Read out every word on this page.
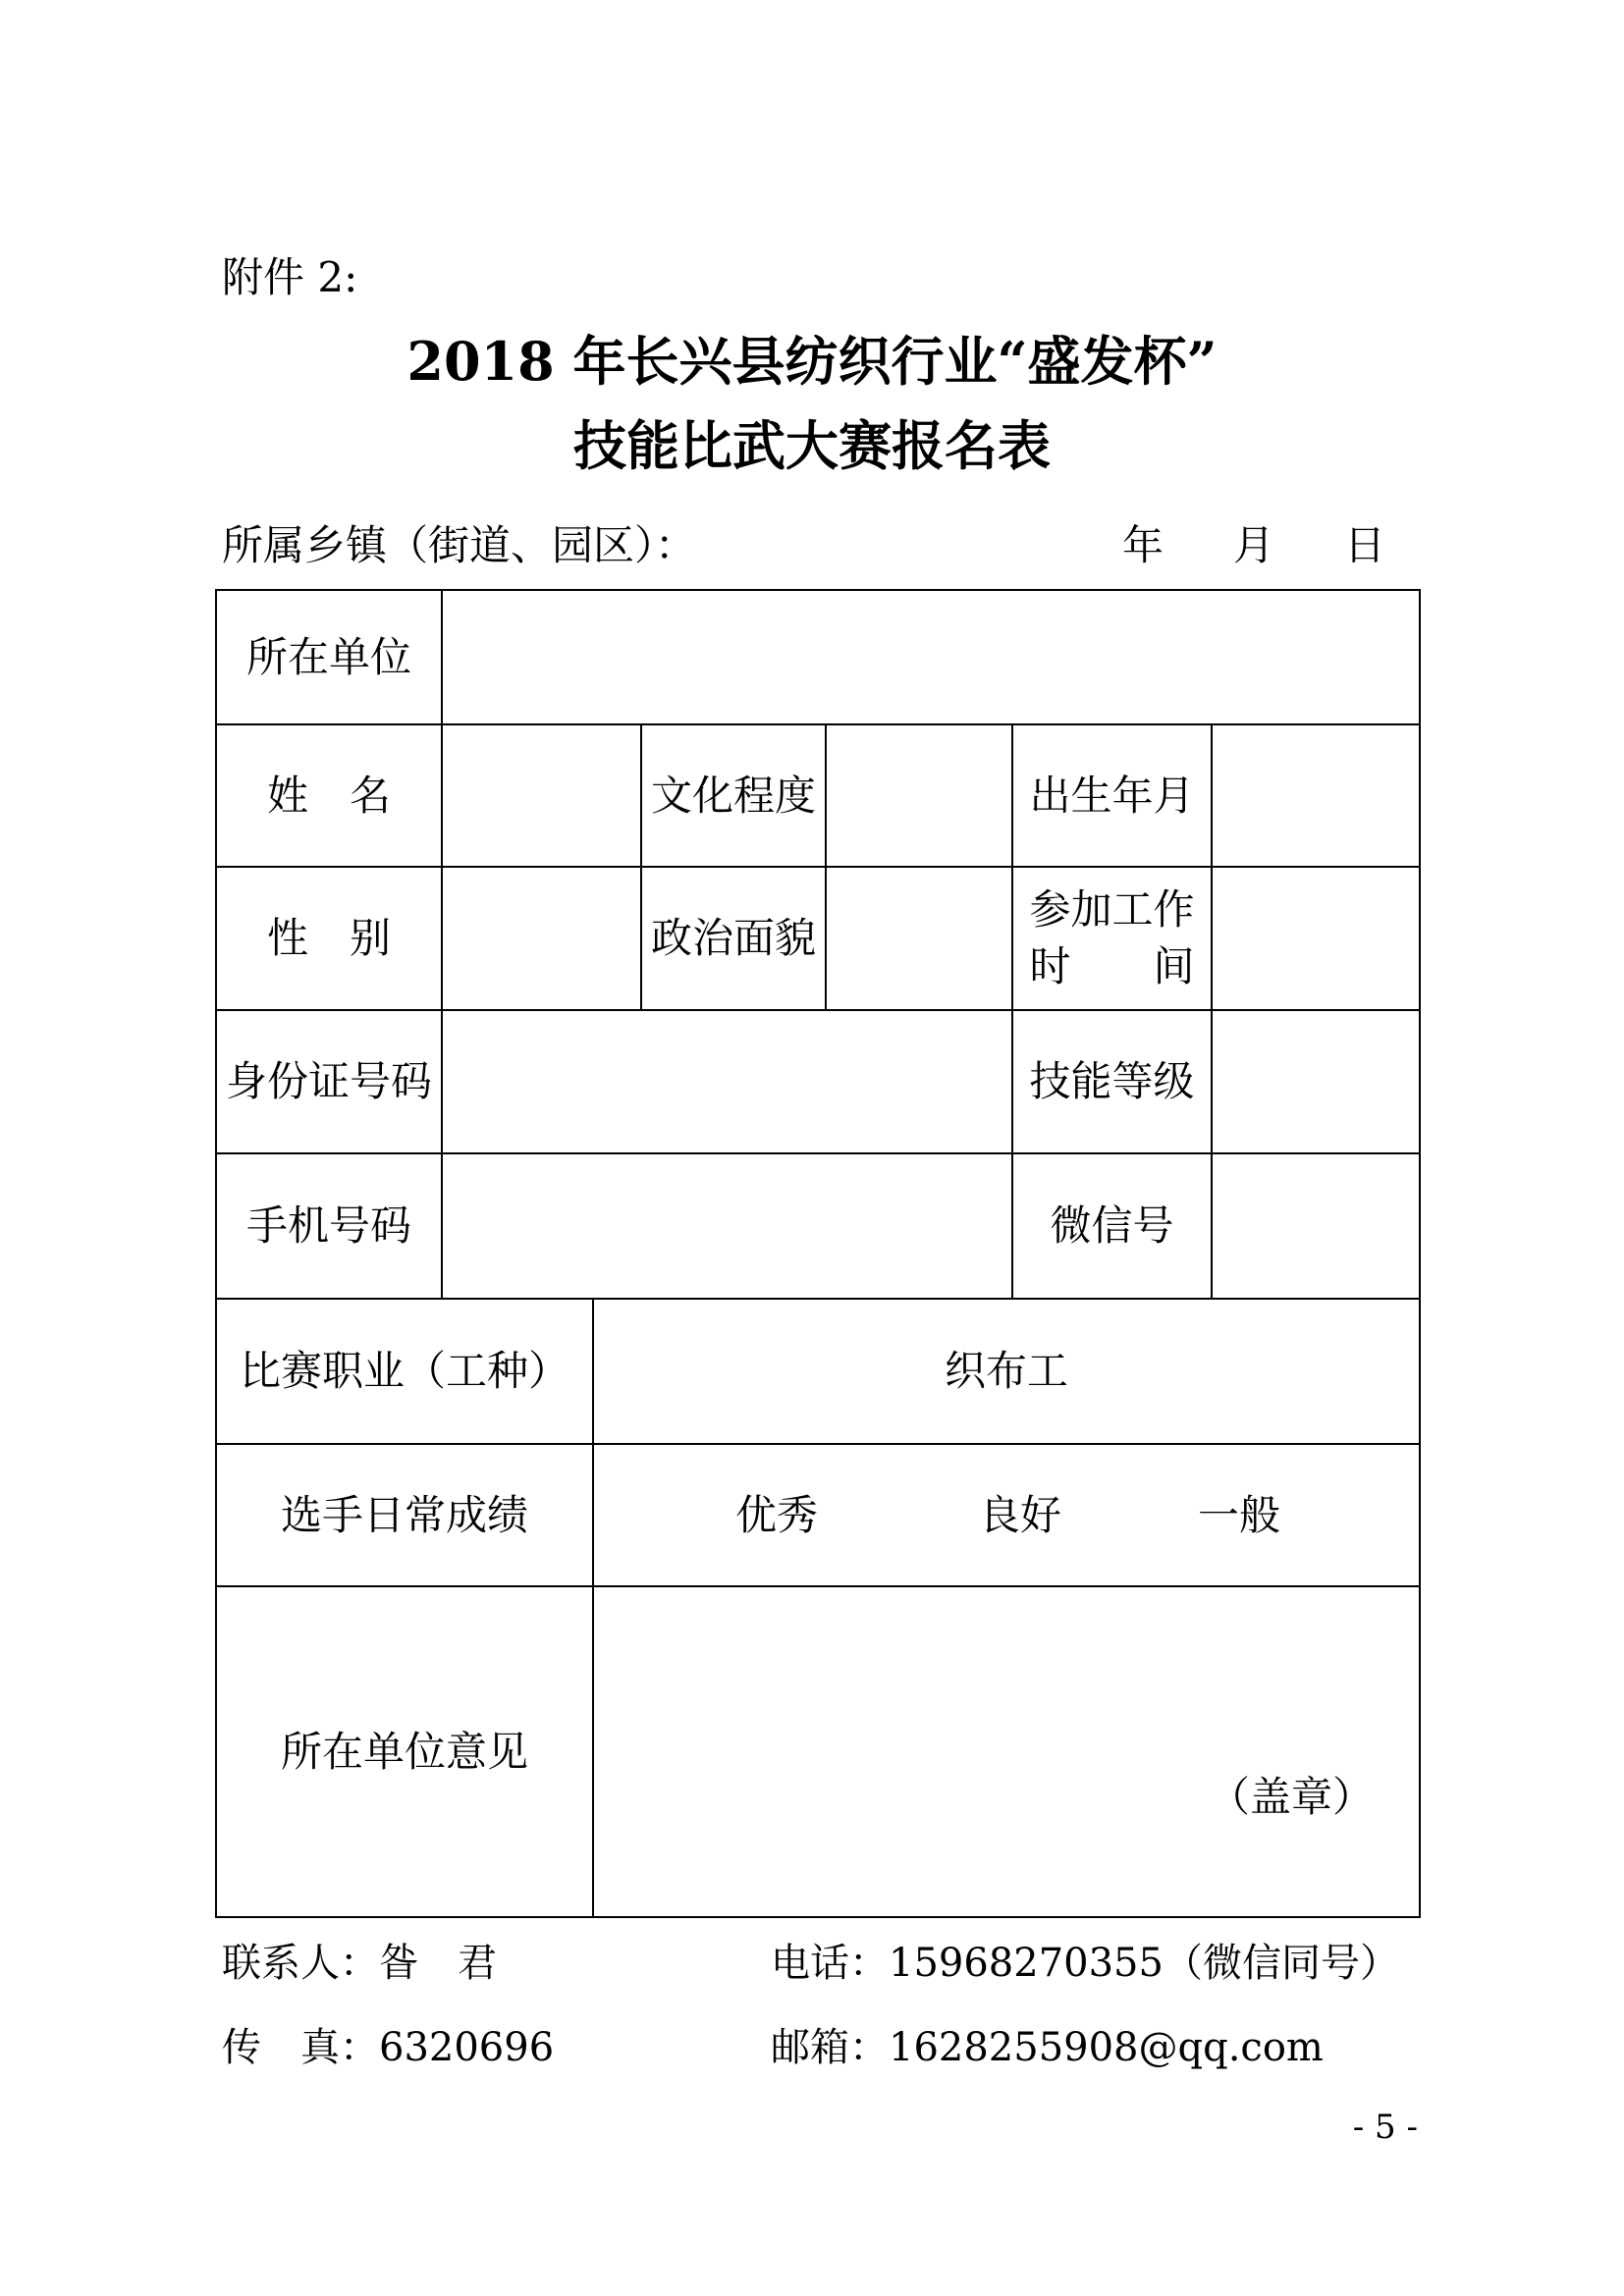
附件 2:
2018 年长兴县纺织行业“盛发杯”
技能比武大赛报名表
所属乡镇（街道、园区）：	年 月 日
所在单位
姓　名	文化程度	出生年月
性　别	政治面貌
参加工作
时　　间
身份证号码	技能等级
手机号码	微信号
比赛职业（工种）	织布工
选手日常成绩	优秀	良好	一般
所在单位意见
（盖章）
联系人：昝　君	电话：15968270355（微信同号）
传　真：6320696	邮箱：1628255908@qq.com
- 5 -
